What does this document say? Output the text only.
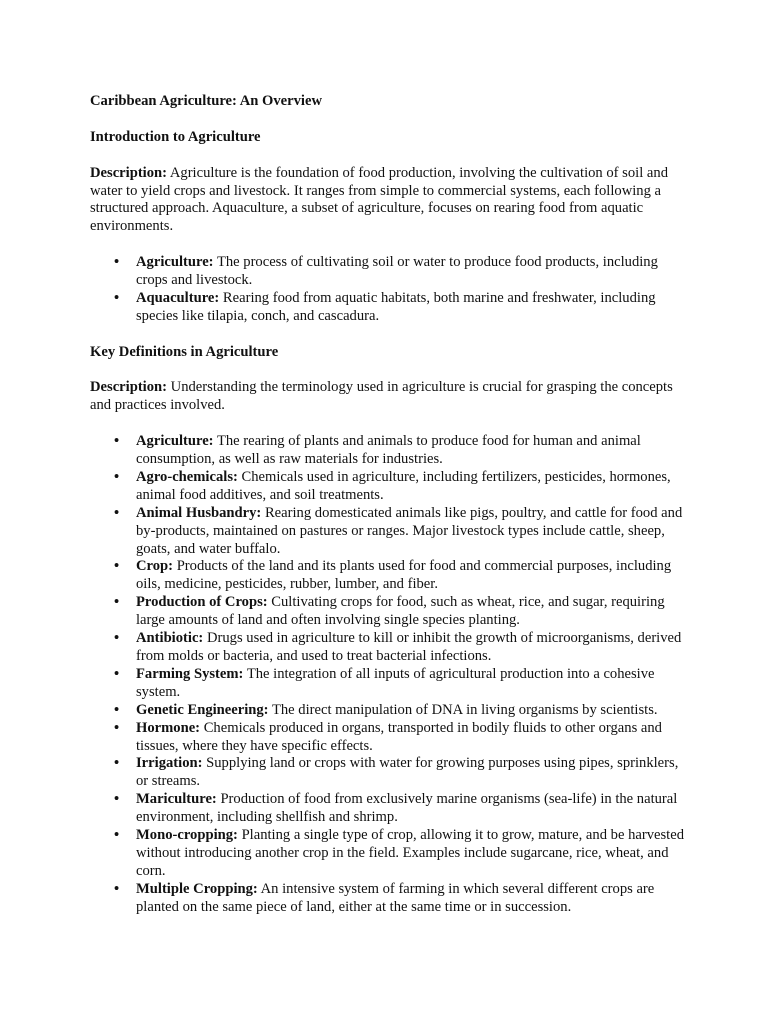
Caribbean Agriculture: An Overview
Introduction to Agriculture
Description: Agriculture is the foundation of food production, involving the cultivation of soil and water to yield crops and livestock. It ranges from simple to commercial systems, each following a structured approach. Aquaculture, a subset of agriculture, focuses on rearing food from aquatic environments.
• Agriculture: The process of cultivating soil or water to produce food products, including crops and livestock.
• Aquaculture: Rearing food from aquatic habitats, both marine and freshwater, including species like tilapia, conch, and cascadura.
Key Definitions in Agriculture
Description: Understanding the terminology used in agriculture is crucial for grasping the concepts and practices involved.
• Agriculture: The rearing of plants and animals to produce food for human and animal consumption, as well as raw materials for industries.
• Agro-chemicals: Chemicals used in agriculture, including fertilizers, pesticides, hormones, animal food additives, and soil treatments.
• Animal Husbandry: Rearing domesticated animals like pigs, poultry, and cattle for food and by-products, maintained on pastures or ranges. Major livestock types include cattle, sheep, goats, and water buffalo.
• Crop: Products of the land and its plants used for food and commercial purposes, including oils, medicine, pesticides, rubber, lumber, and fiber.
• Production of Crops: Cultivating crops for food, such as wheat, rice, and sugar, requiring large amounts of land and often involving single species planting.
• Antibiotic: Drugs used in agriculture to kill or inhibit the growth of microorganisms, derived from molds or bacteria, and used to treat bacterial infections.
• Farming System: The integration of all inputs of agricultural production into a cohesive system.
• Genetic Engineering: The direct manipulation of DNA in living organisms by scientists.
• Hormone: Chemicals produced in organs, transported in bodily fluids to other organs and tissues, where they have specific effects.
• Irrigation: Supplying land or crops with water for growing purposes using pipes, sprinklers, or streams.
• Mariculture: Production of food from exclusively marine organisms (sea-life) in the natural environment, including shellfish and shrimp.
• Mono-cropping: Planting a single type of crop, allowing it to grow, mature, and be harvested without introducing another crop in the field. Examples include sugarcane, rice, wheat, and corn.
• Multiple Cropping: An intensive system of farming in which several different crops are planted on the same piece of land, either at the same time or in succession.
